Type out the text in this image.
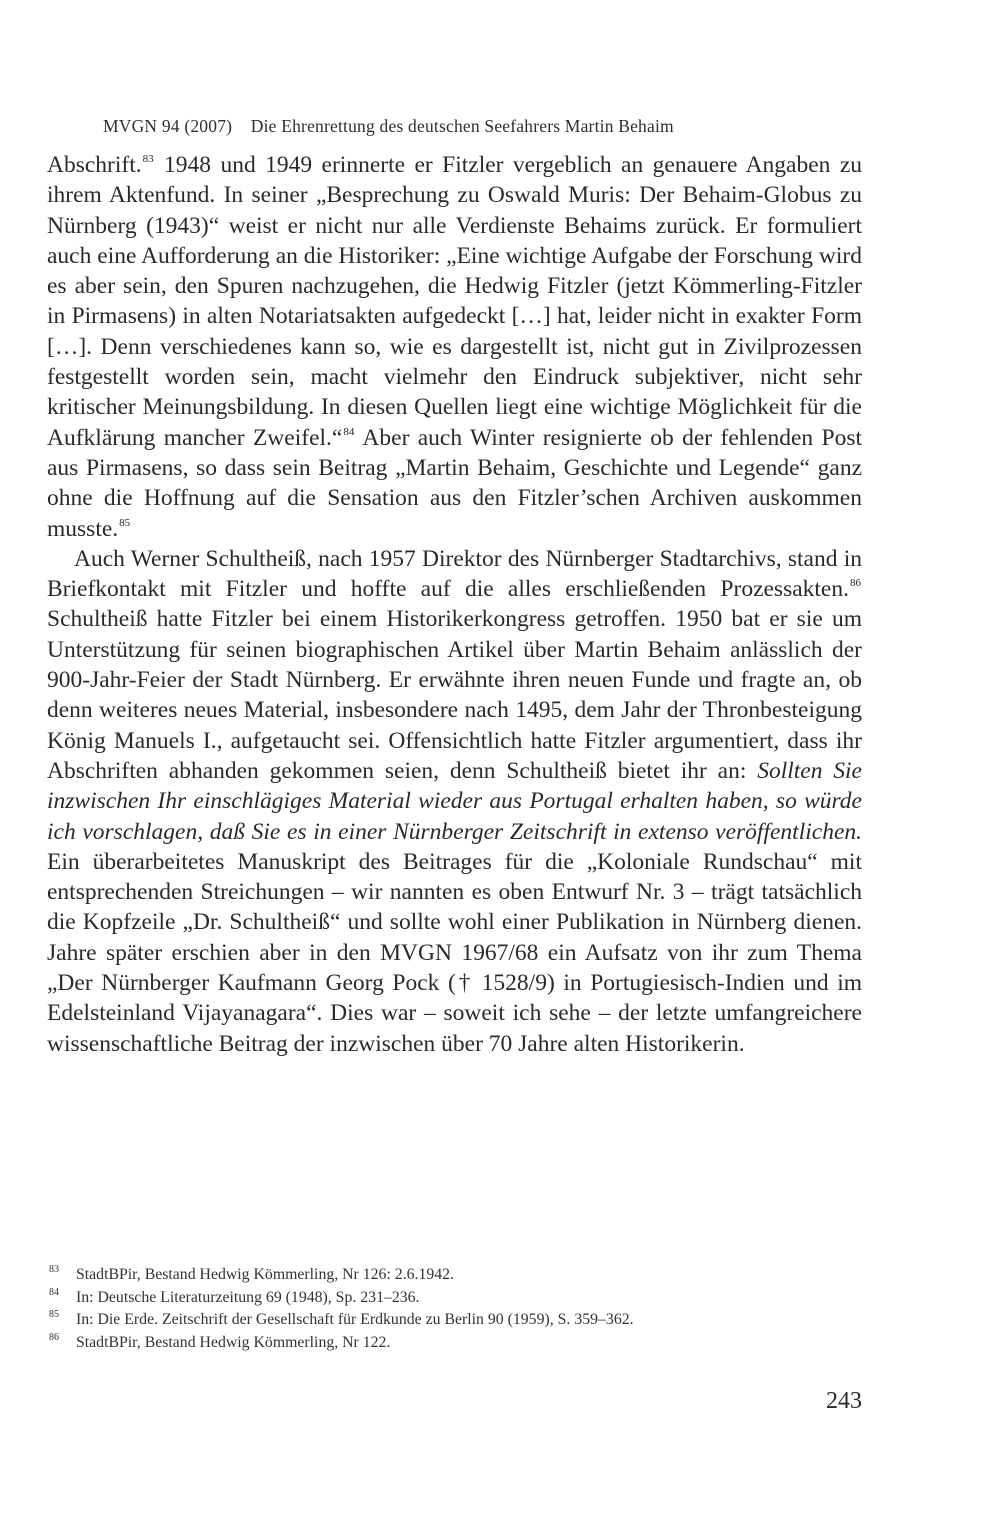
MVGN 94 (2007) Die Ehrenrettung des deutschen Seefahrers Martin Behaim

Abschrift.$^{83}$ 1948 und 1949 erinnerte er Fitzler vergeblich an genauere Angaben zu ihrem Aktenfund. In seiner „Besprechung zu Oswald Muris: Der Behaim-Globus zu Nürnberg (1943)“ weist er nicht nur alle Verdienste Behaims zurück. Er formuliert auch eine Aufforderung an die Historiker: „Eine wichtige Aufgabe der Forschung wird es aber sein, den Spuren nachzugehen, die Hedwig Fitzler (jetzt Kömmerling-Fitzler in Pirmasens) in alten Notariatsakten aufgedeckt […] hat, leider nicht in exakter Form […]. Denn verschiedenes kann so, wie es dargestellt ist, nicht gut in Zivilprozessen festgestellt worden sein, macht vielmehr den Eindruck subjektiver, nicht sehr kritischer Meinungsbildung. In diesen Quellen liegt eine wichtige Möglichkeit für die Aufklärung mancher Zweifel.“$^{84}$ Aber auch Winter resignierte ob der fehlenden Post aus Pirmasens, so dass sein Beitrag „Martin Behaim, Geschichte und Legende“ ganz ohne die Hoffnung auf die Sensation aus den Fitzler’schen Archiven auskommen musste.$^{85}$

Auch Werner Schultheiß, nach 1957 Direktor des Nürnberger Stadtarchivs, stand in Briefkontakt mit Fitzler und hoffte auf die alles erschließenden Prozessakten.$^{86}$ Schultheiß hatte Fitzler bei einem Historikerkongress getroffen. 1950 bat er sie um Unterstützung für seinen biographischen Artikel über Martin Behaim anlässlich der 900-Jahr-Feier der Stadt Nürnberg. Er erwähnte ihren neuen Funde und fragte an, ob denn weiteres neues Material, insbesondere nach 1495, dem Jahr der Thronbesteigung König Manuels I., aufgetaucht sei. Offensichtlich hatte Fitzler argumentiert, dass ihr Abschriften abhanden gekommen seien, denn Schultheiß bietet ihr an: Sollten Sie inzwischen Ihr einschlägiges Material wieder aus Portugal erhalten haben, so würde ich vorschlagen, daß Sie es in einer Nürnberger Zeitschrift in extenso veröffentlichen. Ein überarbeitetes Manuskript des Beitrages für die „Koloniale Rundschau“ mit entsprechenden Streichungen – wir nannten es oben Entwurf Nr. 3 – trägt tatsächlich die Kopfzeile „Dr. Schultheiß“ und sollte wohl einer Publikation in Nürnberg dienen. Jahre später erschien aber in den MVGN 1967/68 ein Aufsatz von ihr zum Thema „Der Nürnberger Kaufmann Georg Pock († 1528/9) in Portugiesisch-Indien und im Edelsteinland Vijayanagara“. Dies war – soweit ich sehe – der letzte umfangreichere wissenschaftliche Beitrag der inzwischen über 70 Jahre alten Historikerin.

83 StadtBPir, Bestand Hedwig Kömmerling, Nr 126: 2.6.1942.
84 In: Deutsche Literaturzeitung 69 (1948), Sp. 231–236.
85 In: Die Erde. Zeitschrift der Gesellschaft für Erdkunde zu Berlin 90 (1959), S. 359–362.
86 StadtBPir, Bestand Hedwig Kömmerling, Nr 122.
243
